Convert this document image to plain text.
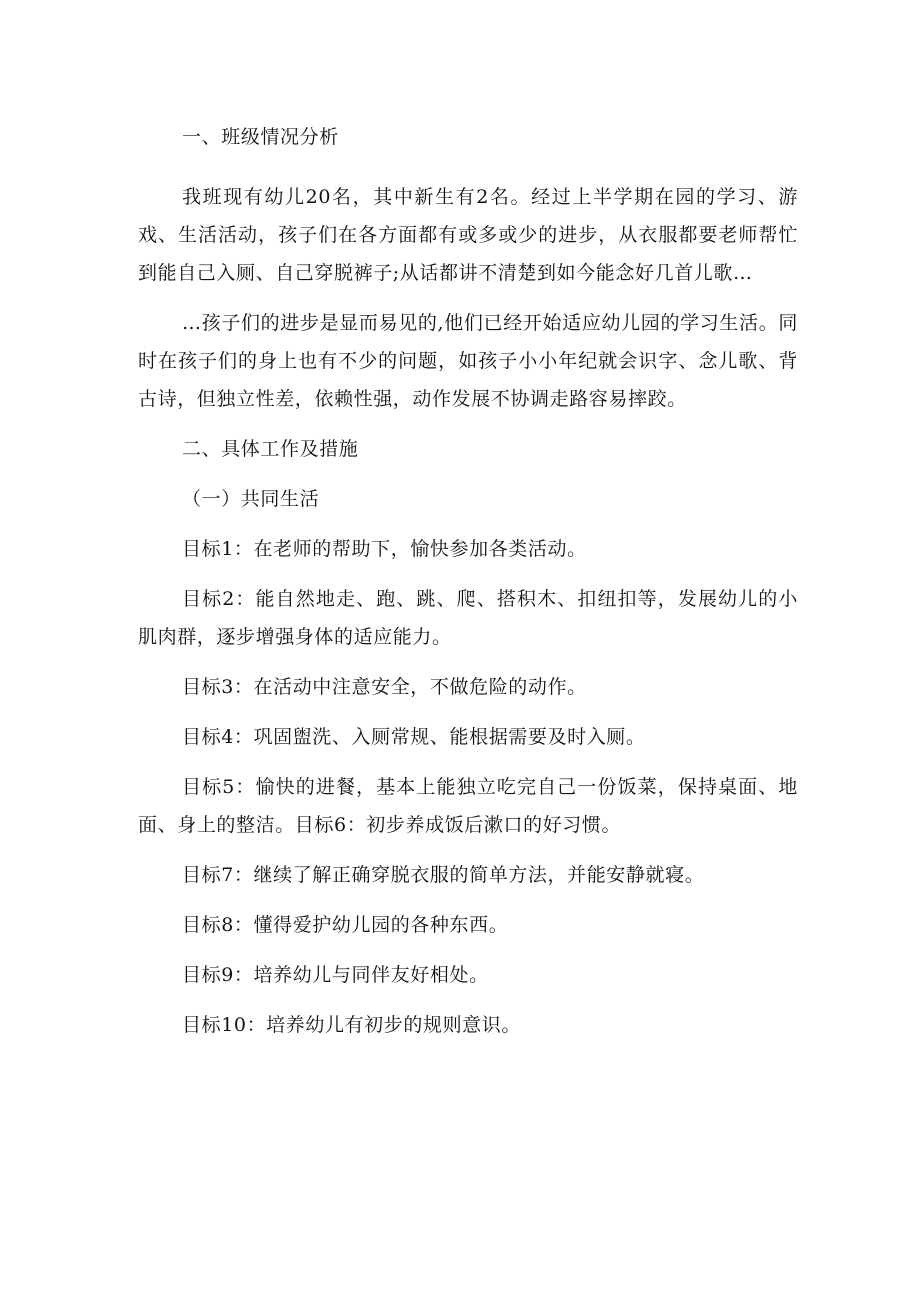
一、班级情况分析

我班现有幼儿20名，其中新生有2名。经过上半学期在园的学习、游戏、生活活动，孩子们在各方面都有或多或少的进步，从衣服都要老师帮忙到能自己入厕、自己穿脱裤子;从话都讲不清楚到如今能念好几首儿歌…

…孩子们的进步是显而易见的,他们已经开始适应幼儿园的学习生活。同时在孩子们的身上也有不少的问题，如孩子小小年纪就会识字、念儿歌、背古诗，但独立性差，依赖性强，动作发展不协调走路容易摔跤。

二、具体工作及措施

（一）共同生活

目标1：在老师的帮助下，愉快参加各类活动。

目标2：能自然地走、跑、跳、爬、搭积木、扣纽扣等，发展幼儿的小肌肉群，逐步增强身体的适应能力。

目标3：在活动中注意安全，不做危险的动作。

目标4：巩固盥洗、入厕常规、能根据需要及时入厕。

目标5：愉快的进餐，基本上能独立吃完自己一份饭菜，保持桌面、地面、身上的整洁。目标6：初步养成饭后漱口的好习惯。

目标7：继续了解正确穿脱衣服的简单方法，并能安静就寝。

目标8：懂得爱护幼儿园的各种东西。

目标9：培养幼儿与同伴友好相处。

目标10：培养幼儿有初步的规则意识。
